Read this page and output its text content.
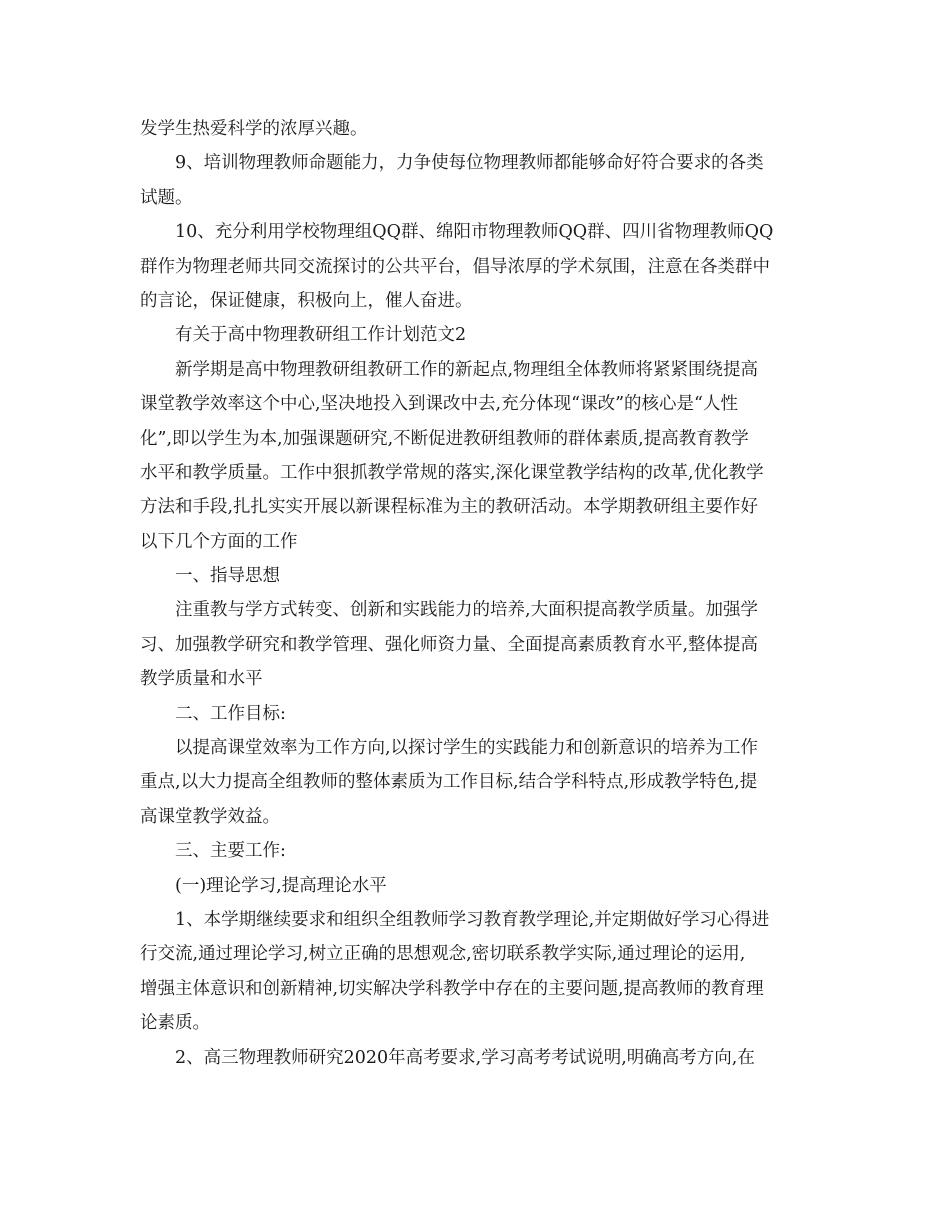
发学生热爱科学的浓厚兴趣。
9、培训物理教师命题能力，力争使每位物理教师都能够命好符合要求的各类
试题。
10、充分利用学校物理组QQ群、绵阳市物理教师QQ群、四川省物理教师QQ
群作为物理老师共同交流探讨的公共平台，倡导浓厚的学术氛围，注意在各类群中
的言论，保证健康，积极向上，催人奋进。
有关于高中物理教研组工作计划范文2
新学期是高中物理教研组教研工作的新起点,物理组全体教师将紧紧围绕提高
课堂教学效率这个中心,坚决地投入到课改中去,充分体现“课改”的核心是“人性
化”,即以学生为本,加强课题研究,不断促进教研组教师的群体素质,提高教育教学
水平和教学质量。工作中狠抓教学常规的落实,深化课堂教学结构的改革,优化教学
方法和手段,扎扎实实开展以新课程标准为主的教研活动。本学期教研组主要作好
以下几个方面的工作
一、指导思想
注重教与学方式转变、创新和实践能力的培养,大面积提高教学质量。加强学
习、加强教学研究和教学管理、强化师资力量、全面提高素质教育水平,整体提高
教学质量和水平
二、工作目标:
以提高课堂效率为工作方向,以探讨学生的实践能力和创新意识的培养为工作
重点,以大力提高全组教师的整体素质为工作目标,结合学科特点,形成教学特色,提
高课堂教学效益。
三、主要工作:
(一)理论学习,提高理论水平
1、本学期继续要求和组织全组教师学习教育教学理论,并定期做好学习心得进
行交流,通过理论学习,树立正确的思想观念,密切联系教学实际,通过理论的运用,
增强主体意识和创新精神,切实解决学科教学中存在的主要问题,提高教师的教育理
论素质。
2、高三物理教师研究2020年高考要求,学习高考考试说明,明确高考方向,在
